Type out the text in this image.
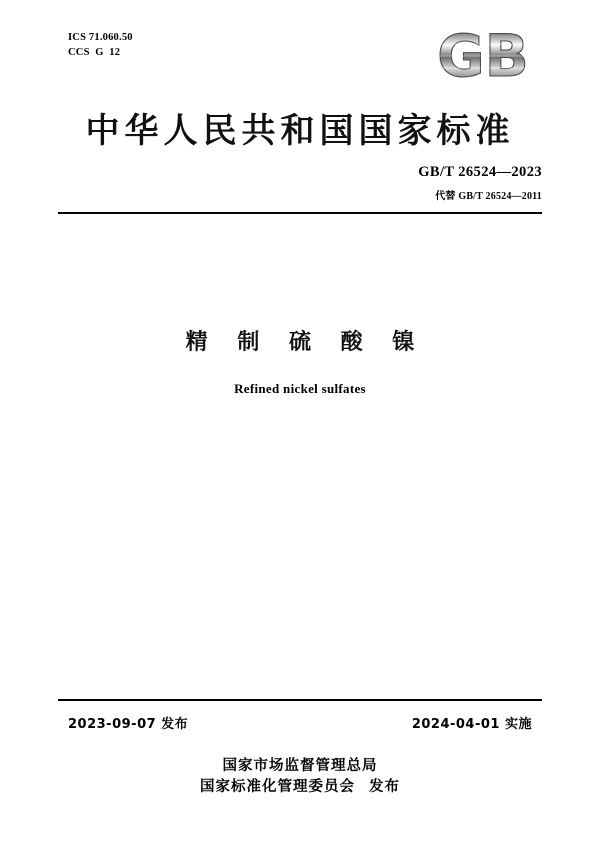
ICS 71.060.50
CCS  G  12	GB
中华人民共和国国家标准
GB/T 26524—2023
代替 GB/T 26524—2011
精 制 硫 酸 镍
Refined nickel sulfates
2023-09-07 发布	2024-04-01 实施
国家市场监督管理总局
国家标准化管理委员会 发布
